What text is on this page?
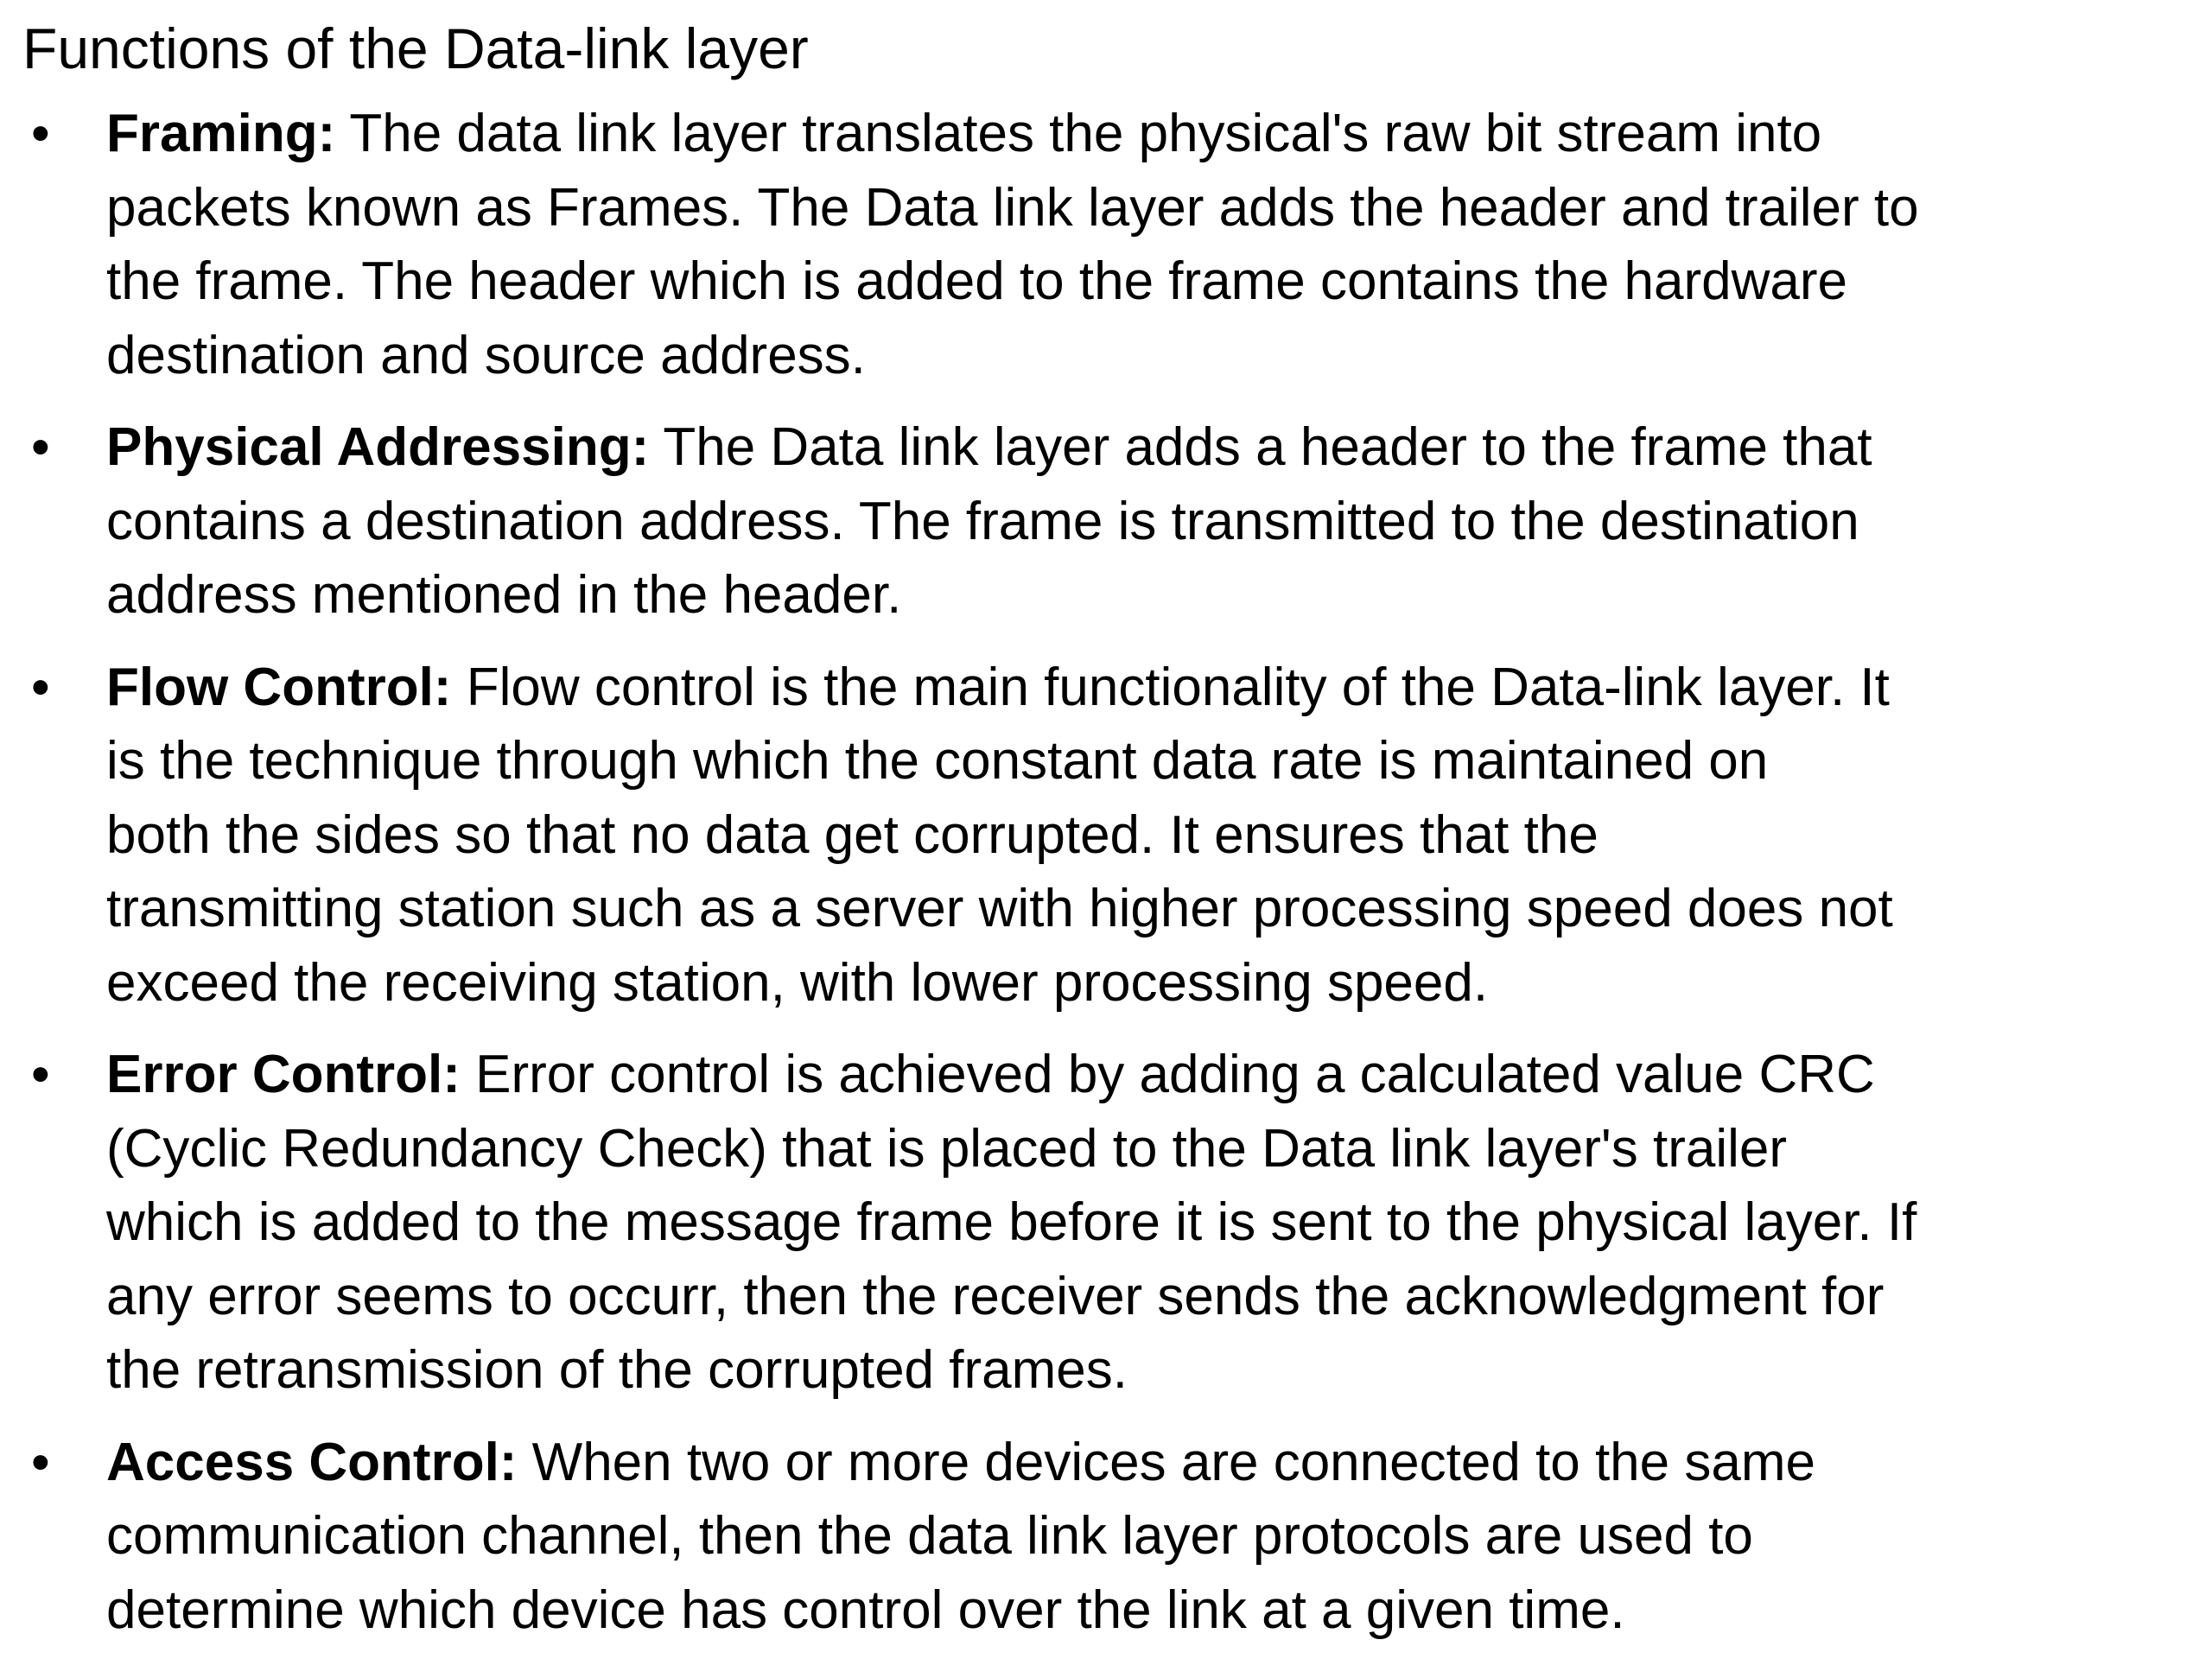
Functions of the Data-link layer
• Framing: The data link layer translates the physical's raw bit stream into
packets known as Frames. The Data link layer adds the header and trailer to
the frame. The header which is added to the frame contains the hardware
destination and source address.
• Physical Addressing: The Data link layer adds a header to the frame that
contains a destination address. The frame is transmitted to the destination
address mentioned in the header.
• Flow Control: Flow control is the main functionality of the Data-link layer. It
is the technique through which the constant data rate is maintained on
both the sides so that no data get corrupted. It ensures that the
transmitting station such as a server with higher processing speed does not
exceed the receiving station, with lower processing speed.
• Error Control: Error control is achieved by adding a calculated value CRC
(Cyclic Redundancy Check) that is placed to the Data link layer's trailer
which is added to the message frame before it is sent to the physical layer. If
any error seems to occurr, then the receiver sends the acknowledgment for
the retransmission of the corrupted frames.
• Access Control: When two or more devices are connected to the same
communication channel, then the data link layer protocols are used to
determine which device has control over the link at a given time.
